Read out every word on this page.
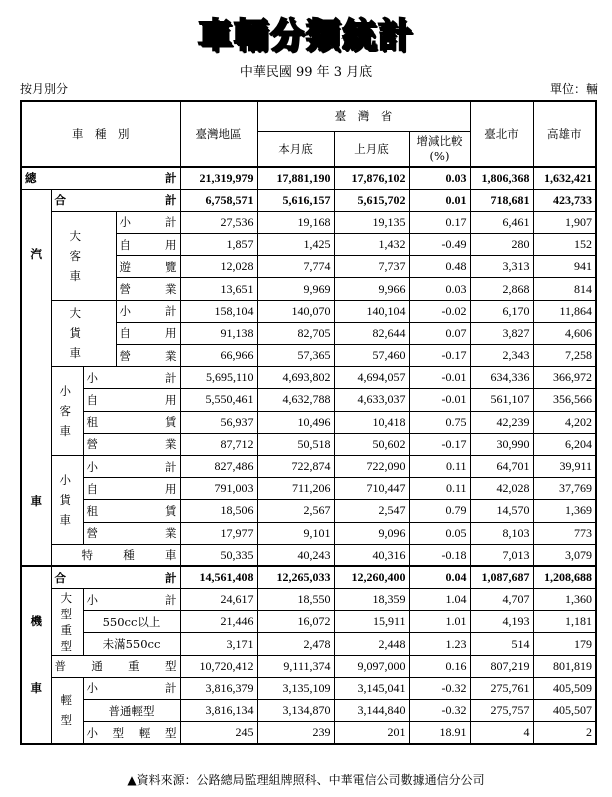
車輛分類統計
中華民國 99 年 3 月底
按月別分	單位：輛
車　種　別				臺灣地區	臺　灣　省			臺北市	高雄市
					本月底	上月底	增減比較
(%)		

總　計				21,319,979	17,881,190	17,876,102	0.03	1,806,368	1,632,421

汽
車	合　計			6,758,571	5,616,157	5,615,702	0.01	718,681	423,733

	大客車		小　計	27,536	19,168	19,135	0.17	6,461	1,907
			自　用	1,857	1,425	1,432	-0.49	280	152
			遊　覽	12,028	7,774	7,737	0.48	3,313	941
			營　業	13,651	9,969	9,966	0.03	2,868	814

	大貨車		小　計	158,104	140,070	140,104	-0.02	6,170	11,864
			自　用	91,138	82,705	82,644	0.07	3,827	4,606
			營　業	66,966	57,365	57,460	-0.17	2,343	7,258

	小客車	小　計		5,695,110	4,693,802	4,694,057	-0.01	634,336	366,972
		自　用		5,550,461	4,632,788	4,633,037	-0.01	561,107	356,566
		租　賃		56,937	10,496	10,418	0.75	42,239	4,202
		營　業		87,712	50,518	50,602	-0.17	30,990	6,204

	小貨車	小　計		827,486	722,874	722,090	0.11	64,701	39,911
		自　用		791,003	711,206	710,447	0.11	42,028	37,769
		租　賃		18,506	2,567	2,547	0.79	14,570	1,369
		營　業		17,977	9,101	9,096	0.05	8,103	773
	特　種　車			50,335	40,243	40,316	-0.18	7,013	3,079

機
車	合　計			14,561,408	12,265,033	12,260,400	0.04	1,087,687	1,208,688

	大型重型	小　計		24,617	18,550	18,359	1.04	4,707	1,360
		550cc以上		21,446	16,072	15,911	1.01	4,193	1,181
		未滿550cc		3,171	2,478	2,448	1.23	514	179
	普　通　重　型			10,720,412	9,111,374	9,097,000	0.16	807,219	801,819

	輕型	小　計		3,816,379	3,135,109	3,145,041	-0.32	275,761	405,509
		普通輕型		3,816,134	3,134,870	3,144,840	-0.32	275,757	405,507
		小型輕型		245	239	201	18.91	4	2
▲資料來源：公路總局監理組牌照科、中華電信公司數據通信分公司
